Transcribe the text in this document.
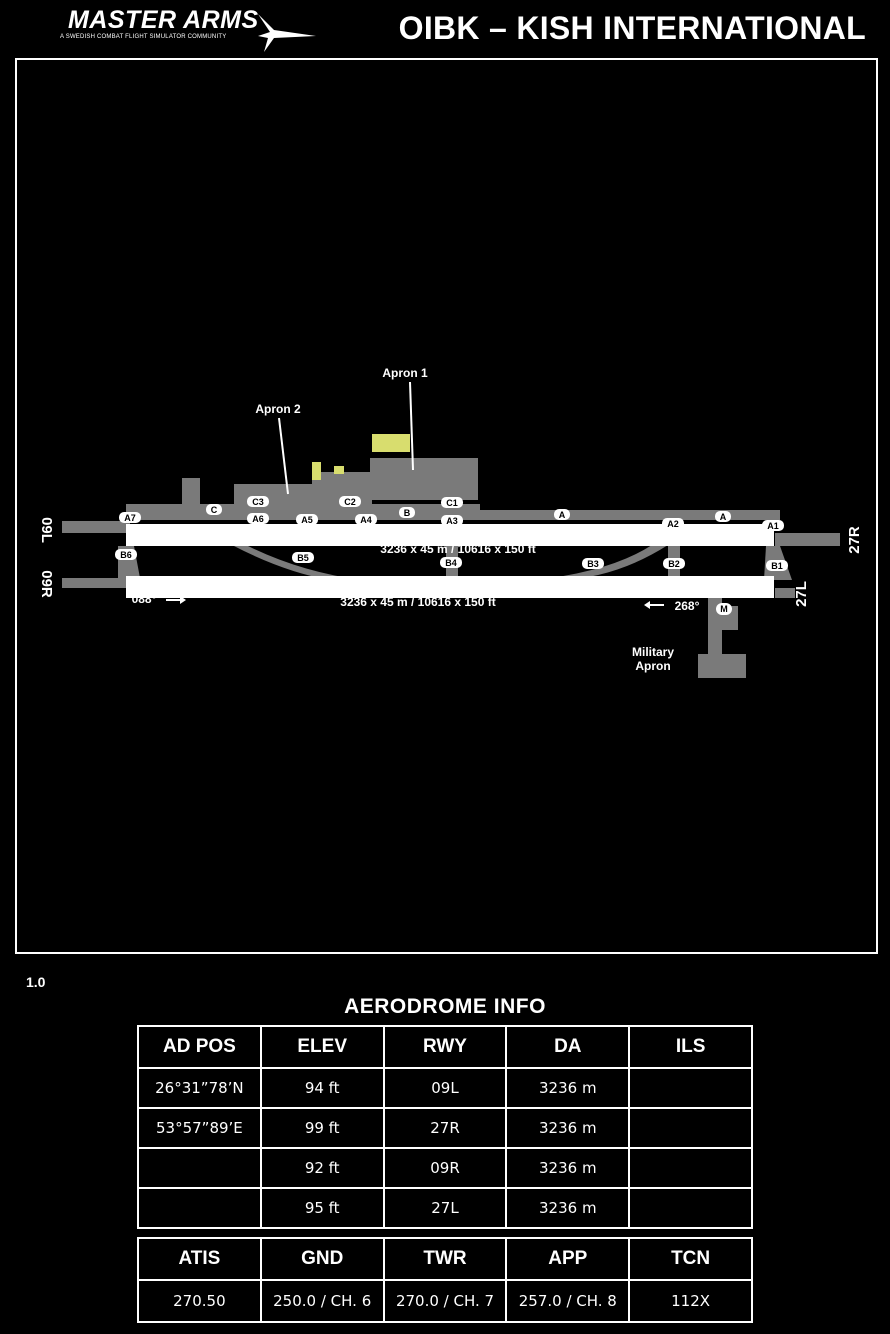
MASTER ARMS
A SWEDISH COMBAT FLIGHT SIMULATOR COMMUNITY	OIBK – KISH INTERNATIONAL
A7
C
C3
A6	A5
C2
A4
B
C1
A3
A
A2
A
A1
B6	B5	B4	B3	B2	B1
M
Apron 1
Apron 2
Military
Apron
3236 x 45 m / 10616 x 150 ft
3236 x 45 m / 10616 x 150 ft
088°	268°
09L
09R
27R
27L
1.0
AERODROME INFO
AD POS	ELEV	RWY	DA	ILS
26°31”78’N	94 ft	09L	3236 m	
53°57”89’E	99 ft	27R	3236 m	
	92 ft	09R	3236 m	
	95 ft	27L	3236 m	
ATIS	GND	TWR	APP	TCN
270.50	250.0 / CH. 6	270.0 / CH. 7	257.0 / CH. 8	112X
